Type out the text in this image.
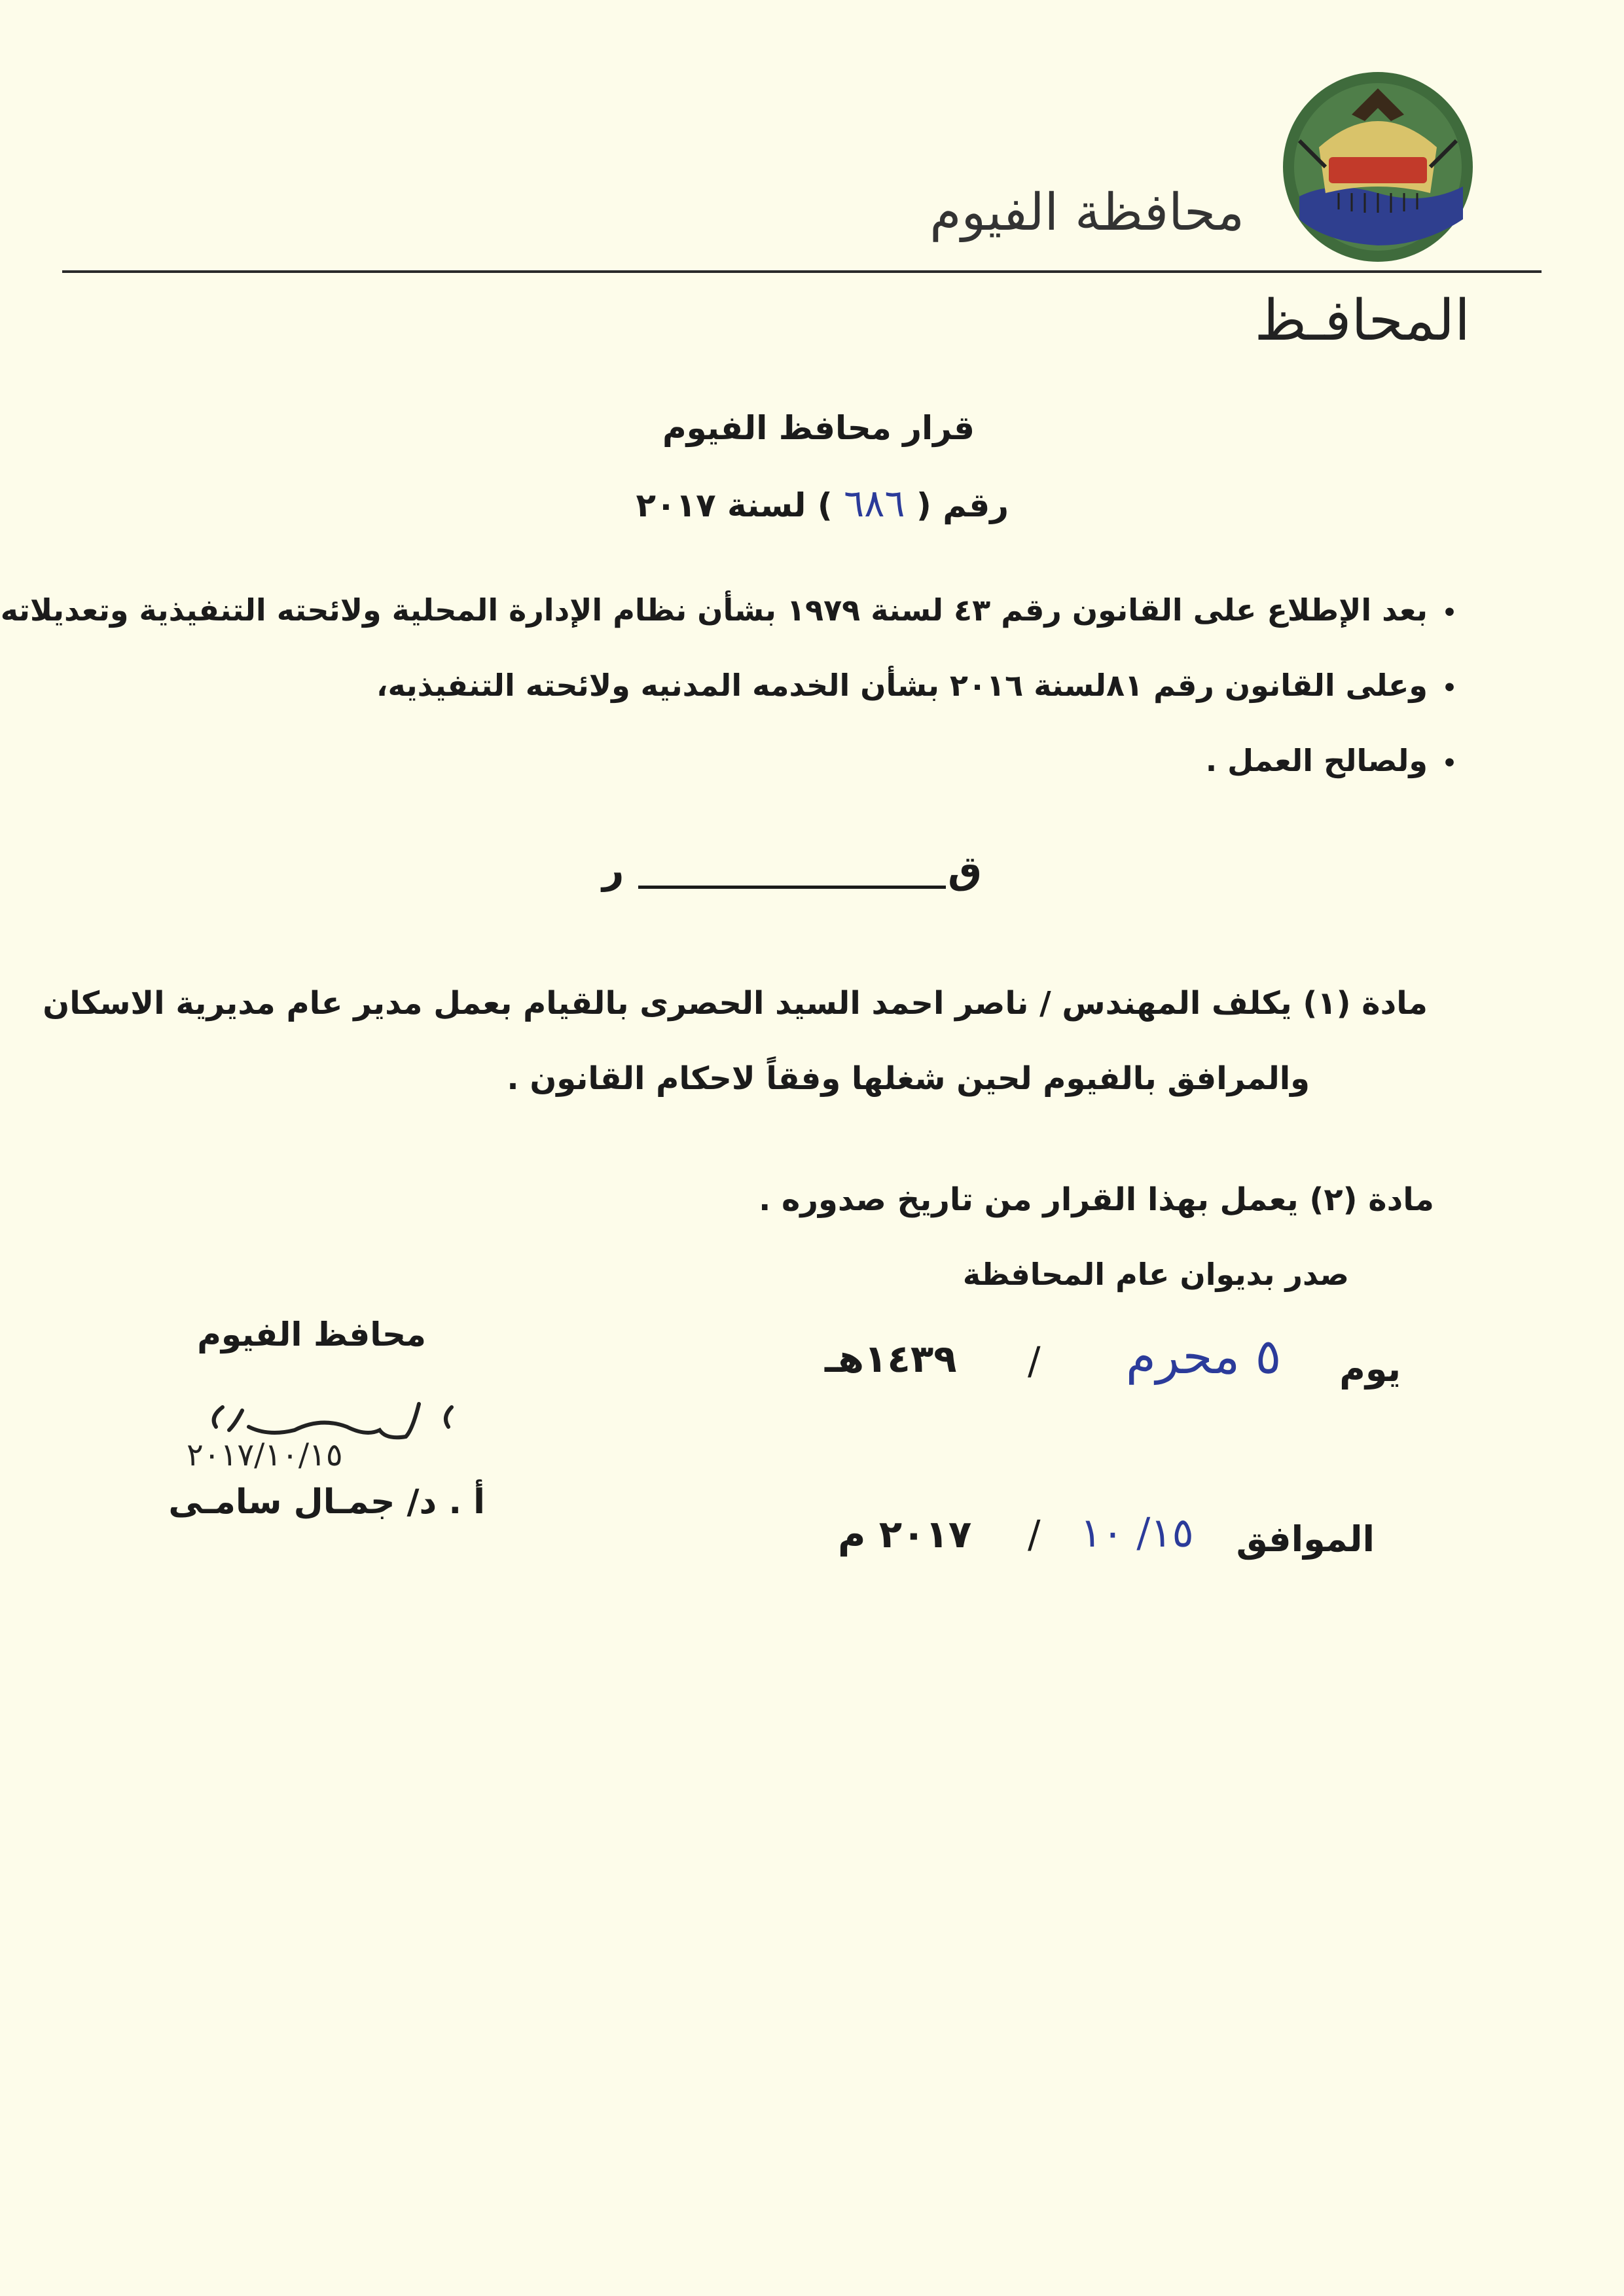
محافظة الفيوم
المحافـظ
قرار محافظ الفيوم
رقم ( ٦٨٦ ) لسنة ٢٠١٧
• بعد الإطلاع على القانون رقم ٤٣ لسنة ١٩٧٩ بشأن نظام الإدارة المحلية ولائحته التنفيذية وتعديلاته
• وعلى القانون رقم ٨١لسنة ٢٠١٦ بشأن الخدمه المدنيه ولائحته التنفيذيه،
• ولصالح العمل .
ق
ر
مادة (١) يكلف المهندس / ناصر احمد السيد الحصرى بالقيام بعمل مدير عام مديرية الاسكان
والمرافق بالفيوم لحين شغلها وفقاً لاحكام القانون .
مادة (٢) يعمل بهذا القرار من تاريخ صدوره .
صدر بديوان عام المحافظة
يوم
٥ محرم
/
١٤٣٩هـ
الموافق
١٥/ ١٠
/
٢٠١٧ م
محافظ الفيوم
٢٠١٧/١٠/١٥
أ . د/ جمـال سامـى
